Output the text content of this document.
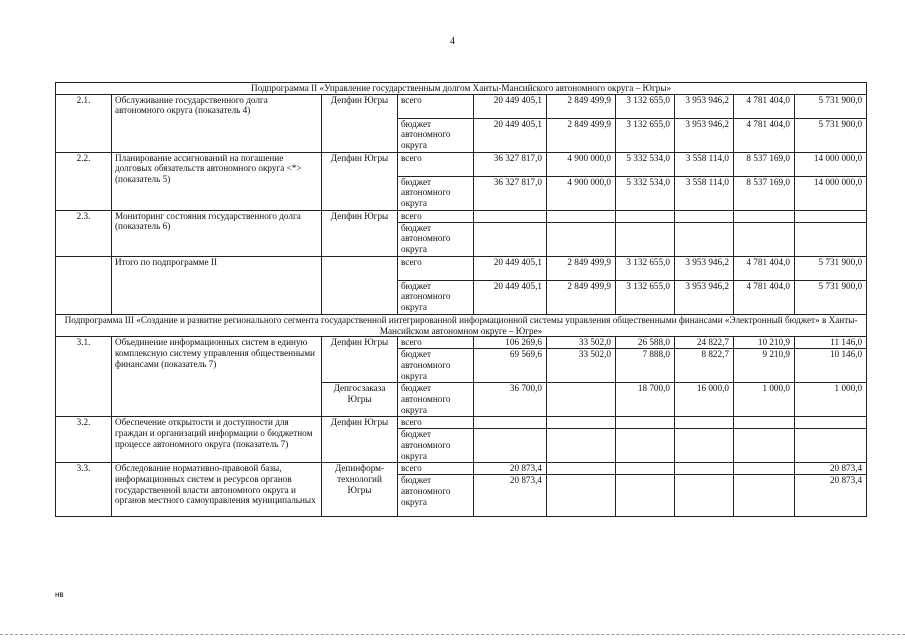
4
Подпрограмма II «Управление государственным долгом Ханты-Мансийского автономного округа – Югры»									
2.1.	Обслуживание государственного долга автономного округа (показатель 4)	Депфин Югры	всего	20 449 405,1	2 849 499,9	3 132 655,0	3 953 946,2	4 781 404,0	5 731 900,0
			бюджет автономного округа	20 449 405,1	2 849 499,9	3 132 655,0	3 953 946,2	4 781 404,0	5 731 900,0
2.2.	Планирование ассигнований на погашение долговых обязательств автономного округа <*> (показатель 5)	Депфин Югры	всего	36 327 817,0	4 900 000,0	5 332 534,0	3 558 114,0	8 537 169,0	14 000 000,0
			бюджет автономного округа	36 327 817,0	4 900 000,0	5 332 534,0	3 558 114,0	8 537 169,0	14 000 000,0
2.3.	Мониторинг состояния государственного долга (показатель 6)	Депфин Югры	всего						
			бюджет автономного округа						
	Итого по подпрограмме II		всего	20 449 405,1	2 849 499,9	3 132 655,0	3 953 946,2	4 781 404,0	5 731 900,0
			бюджет автономного округа	20 449 405,1	2 849 499,9	3 132 655,0	3 953 946,2	4 781 404,0	5 731 900,0
Подпрограмма III «Создание и развитие регионального сегмента государственной интегрированной информационной системы управления общественными финансами «Электронный бюджет» в Ханты-Мансийском автономном округе – Югре»									
3.1.	Объединение информационных систем в единую комплексную систему управления общественными финансами (показатель 7)	Депфин Югры	всего	106 269,6	33 502,0	26 588,0	24 822,7	10 210,9	11 146,0
			бюджет автономного округа	69 569,6	33 502,0	7 888,0	8 822,7	9 210,9	10 146,0
		Депгосзаказа Югры	бюджет автономного округа	36 700,0		18 700,0	16 000,0	1 000,0	1 000,0
3.2.	Обеспечение открытости и доступности для граждан и организаций информации о бюджетном процессе автономного округа (показатель 7)	Депфин Югры	всего						
			бюджет автономного округа						
3.3.	Обследование нормативно-правовой базы, информационных систем и ресурсов органов государственной власти автономного округа и органов местного самоуправления муниципальных	Депинформ-технологий Югры	всего	20 873,4					20 873,4
			бюджет автономного округа	20 873,4					20 873,4
нв
